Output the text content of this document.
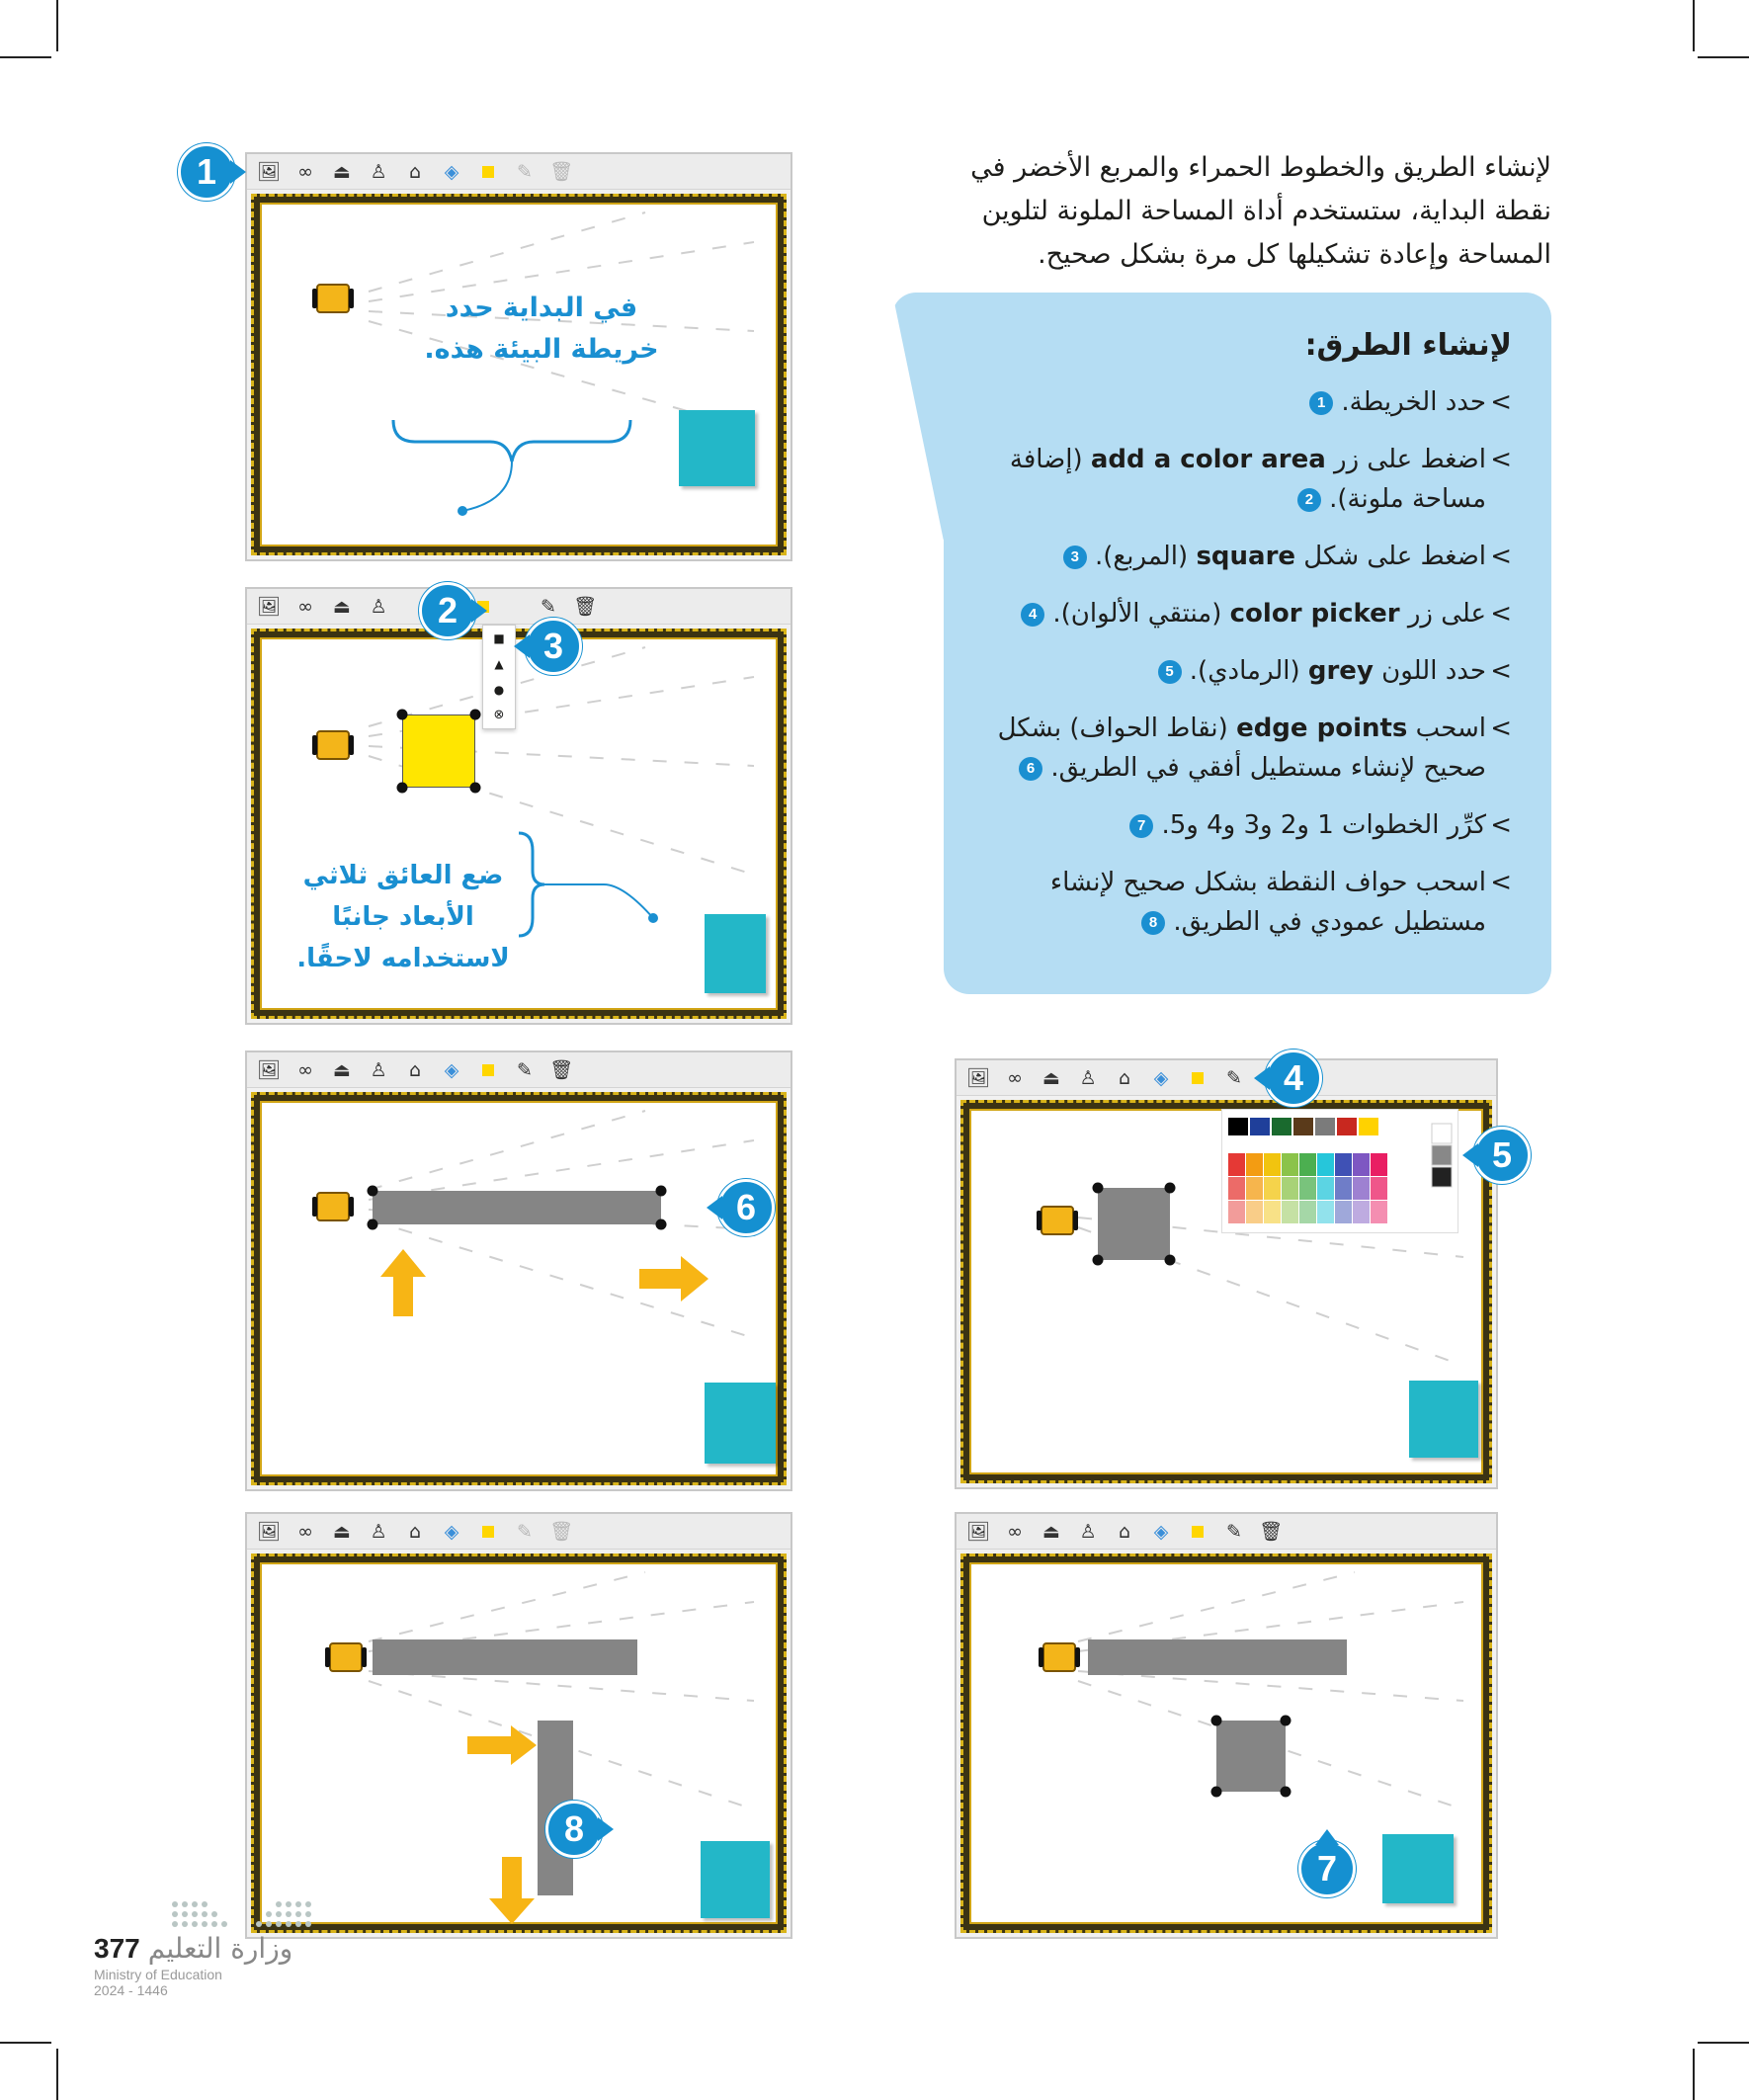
لإنشاء الطريق والخطوط الحمراء والمربع الأخضر في نقطة البداية، ستستخدم أداة المساحة الملونة لتلوين المساحة وإعادة تشكيلها كل مرة بشكل صحيح.

لإنشاء الطرق:
> حدد الخريطة. 1
> اضغط على زر add a color area (إضافة مساحة ملونة). 2
> اضغط على شكل square (المربع). 3
> على زر color picker (منتقي الألوان). 4
> حدد اللون grey (الرمادي). 5
> اسحب edge points (نقاط الحواف) بشكل صحيح لإنشاء مستطيل أفقي في الطريق. 6
> كرِّر الخطوات 1 و2 و3 و4 و5. 7
> اسحب حواف النقطة بشكل صحيح لإنشاء مستطيل عمودي في الطريق. 8
🖼 ∞	⏏ ♙	⌂	◈	✎ 🗑
في البداية حدد خريطة البيئة هذه.
1
🖼 ∞	⏏ ♙	✎ 🗑
ضع العائق ثلاثي الأبعاد جانبًا لاستخدامه لاحقًا.
■
▲
●
⊗
2
3
🖼 ∞	⏏ ♙	⌂	◈	✎ 🗑
6
🖼 ∞	⏏ ♙	⌂	◈	✎	4
5
🖼 ∞	⏏ ♙	⌂	◈	✎ 🗑
8
🖼 ∞	⏏ ♙	⌂	◈	✎ 🗑
7
377 وزارة التعليم
Ministry of Education
2024 - 1446
